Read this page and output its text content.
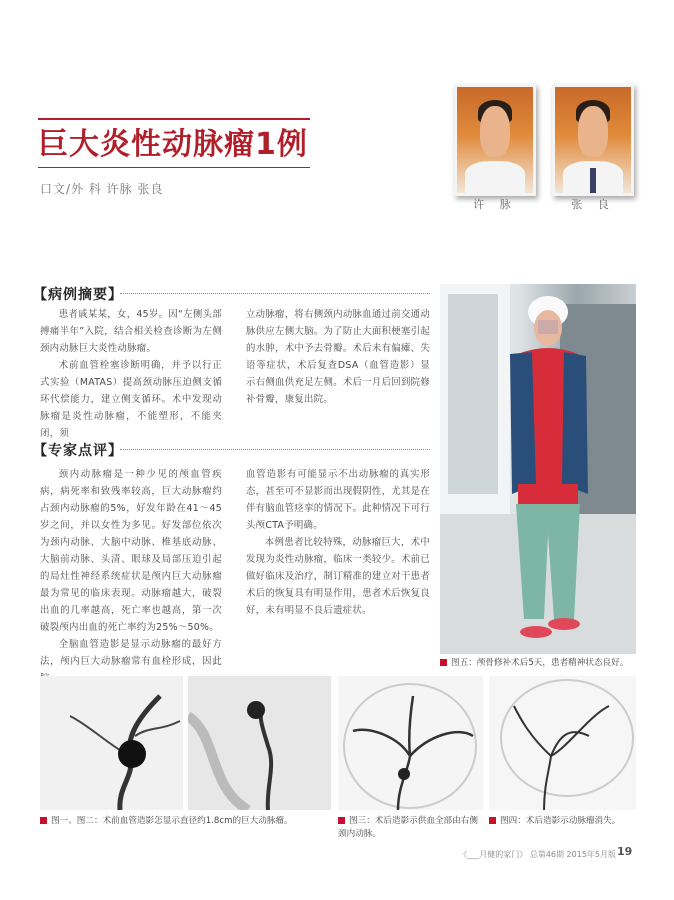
巨大炎性动脉瘤1例
口文/外 科 许脉 张良
许 脉	张 良
【病例摘要】

患者戚某某，女，45岁。因“左侧头部搏痛半年”入院，结合相关检查诊断为左侧颈内动脉巨大炎性动脉瘤。

术前血管栓塞诊断明确，并予以行正式实验（MATAS）提高颈动脉压迫侧支循环代偿能力，建立侧支循环。术中发现动脉瘤是炎性动脉瘤，不能塑形，不能夹闭，须

立动脉瘤，将右侧颈内动脉血通过前交通动脉供应左侧大脑。为了防止大面积梗塞引起的水肿，术中予去骨瓣。术后未有偏瘫、失语等症状，术后复查DSA（血管造影）显示右侧血供充足左侧。术后一月后回到院修补骨瓣，康复出院。

【专家点评】

颈内动脉瘤是一种少见的颅血管疾病，病死率和致残率较高，巨大动脉瘤约占颈内动脉瘤的5%，好发年龄在41～45岁之间，并以女性为多见。好发部位依次为颈内动脉、大脑中动脉、椎基底动脉、大脑前动脉、头清、眼球及局部压迫引起的局灶性神经系统症状是颅内巨大动脉瘤最为常见的临床表现。动脉瘤越大，破裂出血的几率越高，死亡率也越高，第一次破裂颅内出血的死亡率约为25%～50%。

全脑血管造影是显示动脉瘤的最好方法，颅内巨大动脉瘤常有血栓形成，因此

血管造影有可能显示不出动脉瘤的真实形态，甚至可不显影而出现假阴性，尤其是在伴有脑血管痉挛的情况下。此种情况下可行头颅CTA予明确。

本例患者比较特殊，动脉瘤巨大，术中发现为炎性动脉瘤，临床一类较少。术前已做好临床及治疗，制订精准的建立对干患者术后的恢复具有明显作用，患者术后恢复良好，未有明显不良后遗症状。

图五：颅骨修补术后5天，患者精神状态良好。
图一、图二：术前血管造影怎显示直径约1.8cm的巨大动脉瘤。	图三：术后造影示供血全部由右侧颈内动脉。
图四：术后造影示动脉瘤消失。
《___月健的家门》 总第46期 2015年5月版 19
